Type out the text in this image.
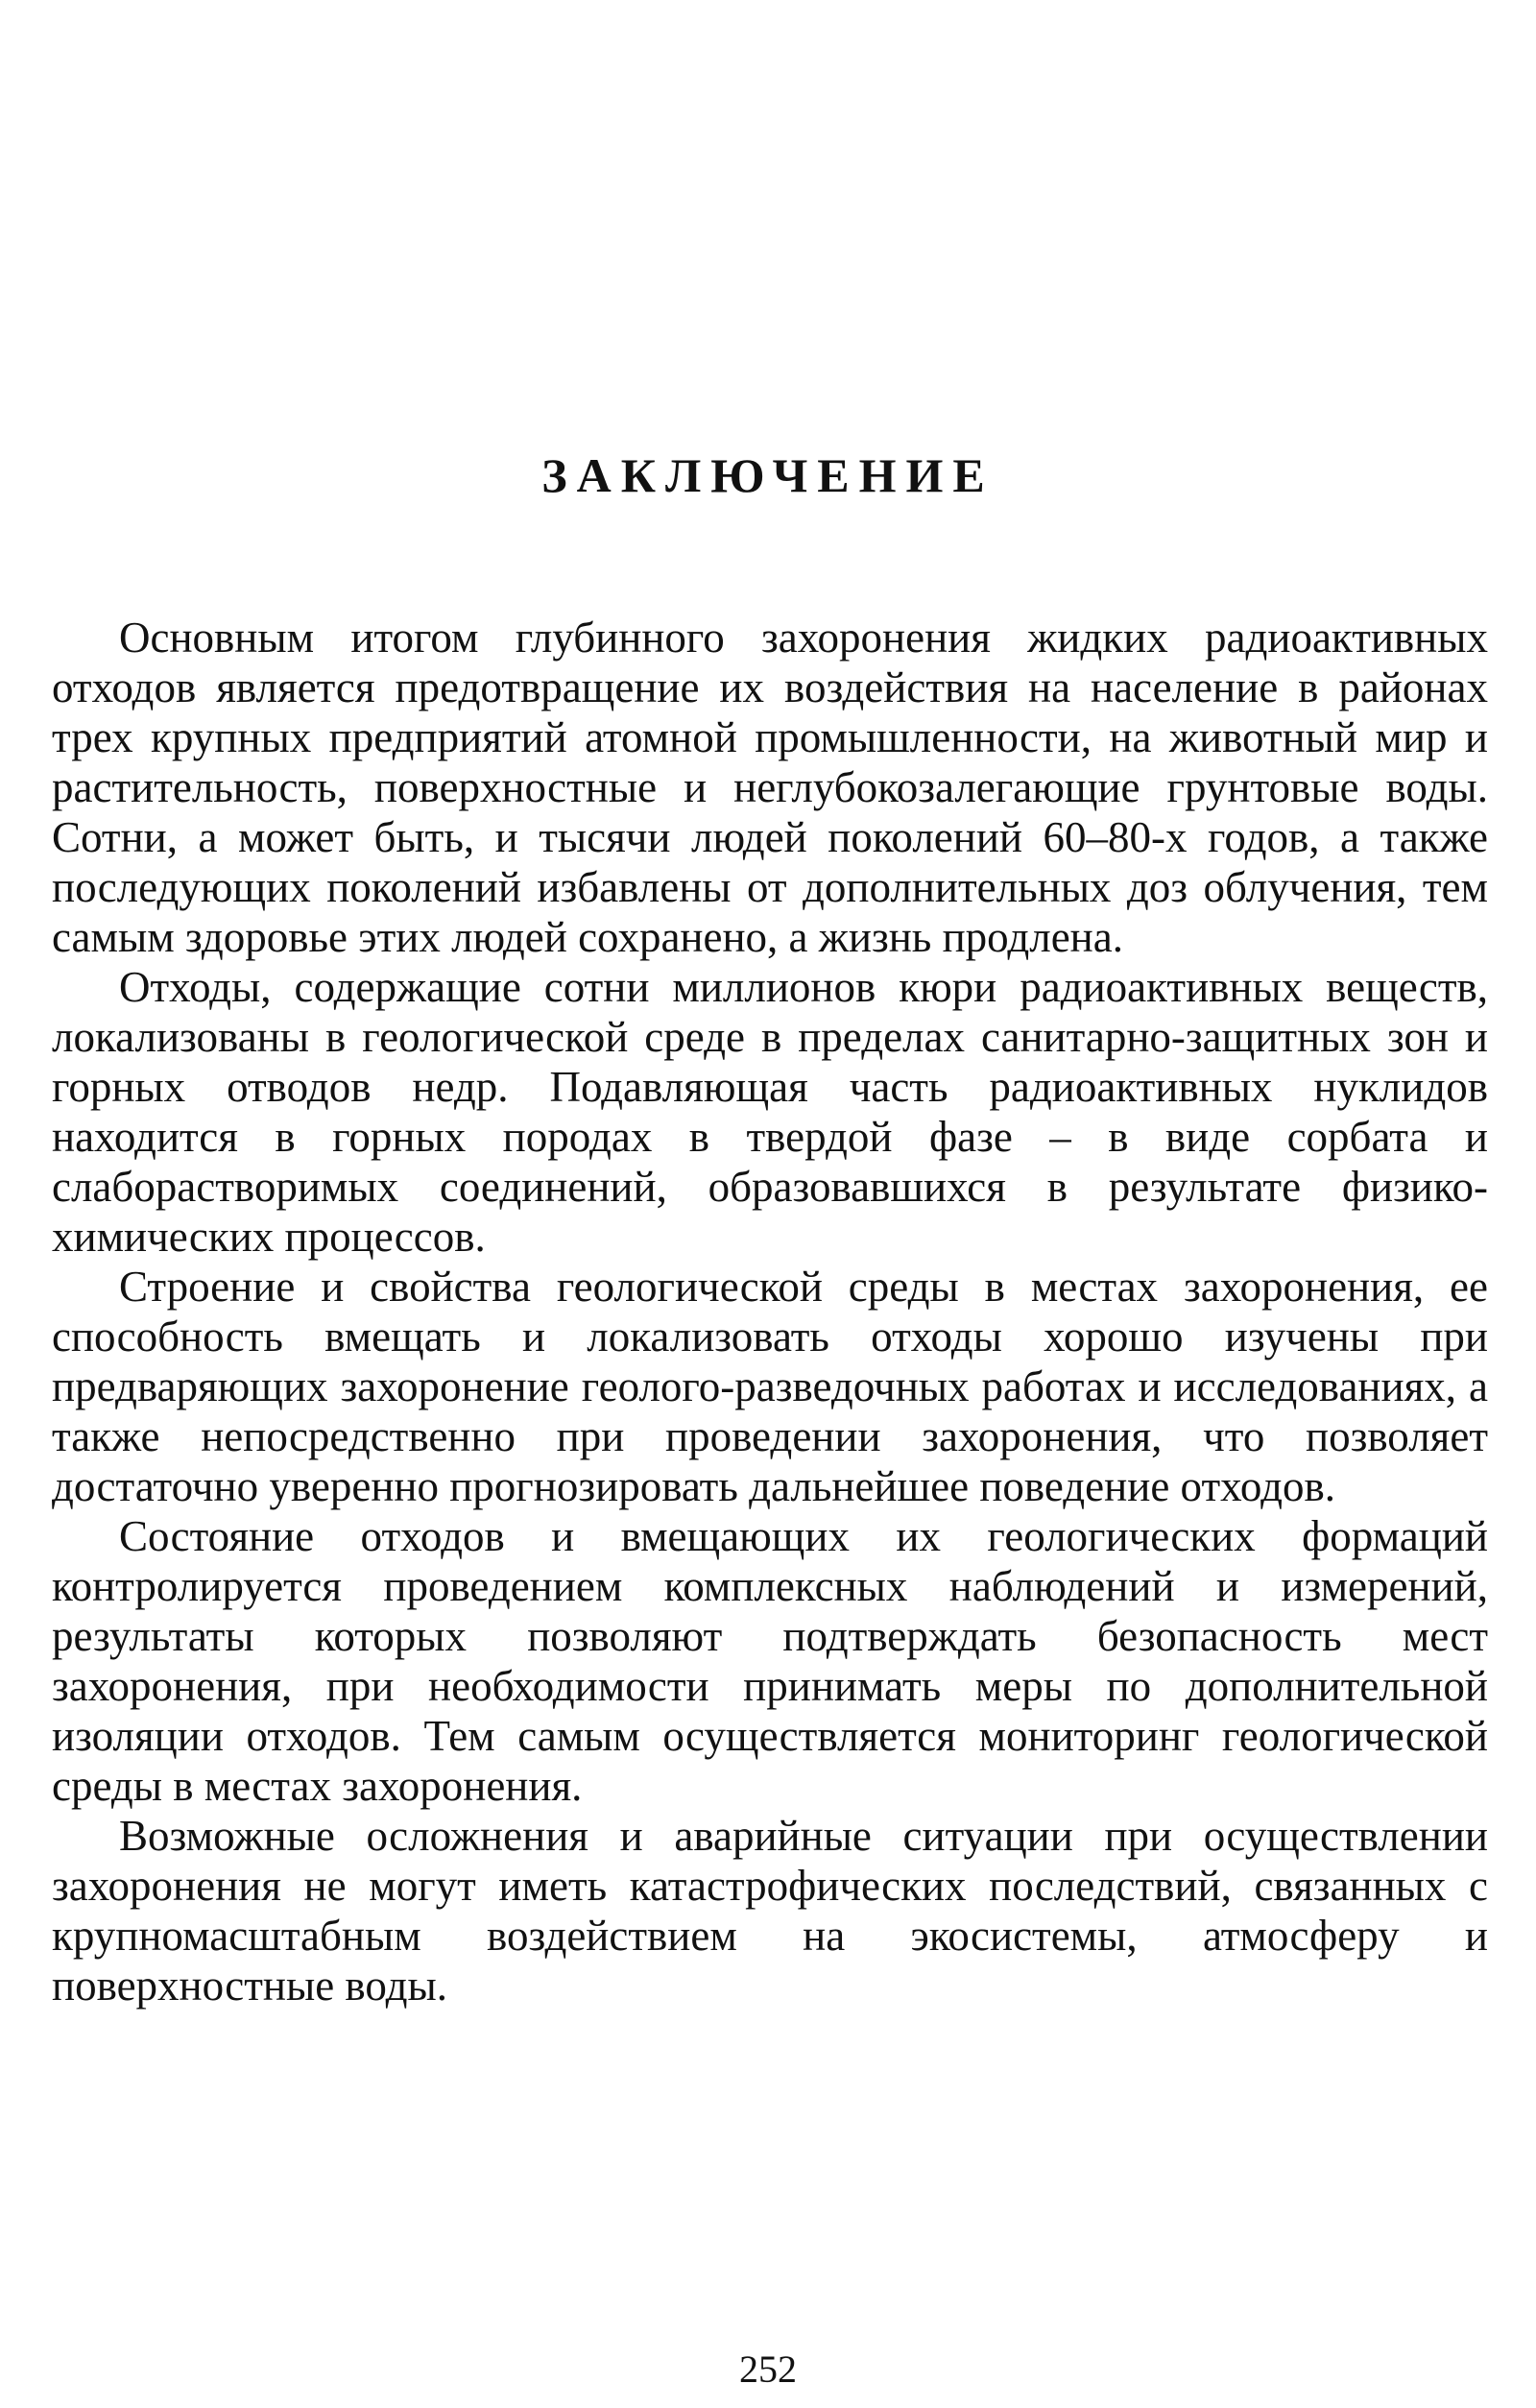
ЗАКЛЮЧЕНИЕ

Основным итогом глубинного захоронения жидких радиоактивных отходов является предотвращение их воздействия на население в районах трех крупных предприятий атомной промышленности, на животный мир и растительность, поверхностные и неглубокозалегающие грунтовые воды. Сотни, а может быть, и тысячи людей поколений 60–80-х годов, а также последующих поколений избавлены от дополнительных доз облучения, тем самым здоровье этих людей сохранено, а жизнь продлена.

Отходы, содержащие сотни миллионов кюри радиоактивных веществ, локализованы в геологической среде в пределах санитарно-защитных зон и горных отводов недр. Подавляющая часть радиоактивных нуклидов находится в горных породах в твердой фазе – в виде сорбата и слаборастворимых соединений, образовавшихся в результате физико-химических процессов.

Строение и свойства геологической среды в местах захоронения, ее способность вмещать и локализовать отходы хорошо изучены при предваряющих захоронение геолого-разведочных работах и исследованиях, а также непосредственно при проведении захоронения, что позволяет достаточно уверенно прогнозировать дальнейшее поведение отходов.

Состояние отходов и вмещающих их геологических формаций контролируется проведением комплексных наблюдений и измерений, результаты которых позволяют подтверждать безопасность мест захоронения, при необходимости принимать меры по дополнительной изоляции отходов. Тем самым осуществляется мониторинг геологической среды в местах захоронения.

Возможные осложнения и аварийные ситуации при осуществлении захоронения не могут иметь катастрофических последствий, связанных с крупномасштабным воздействием на экосистемы, атмосферу и поверхностные воды.

252
